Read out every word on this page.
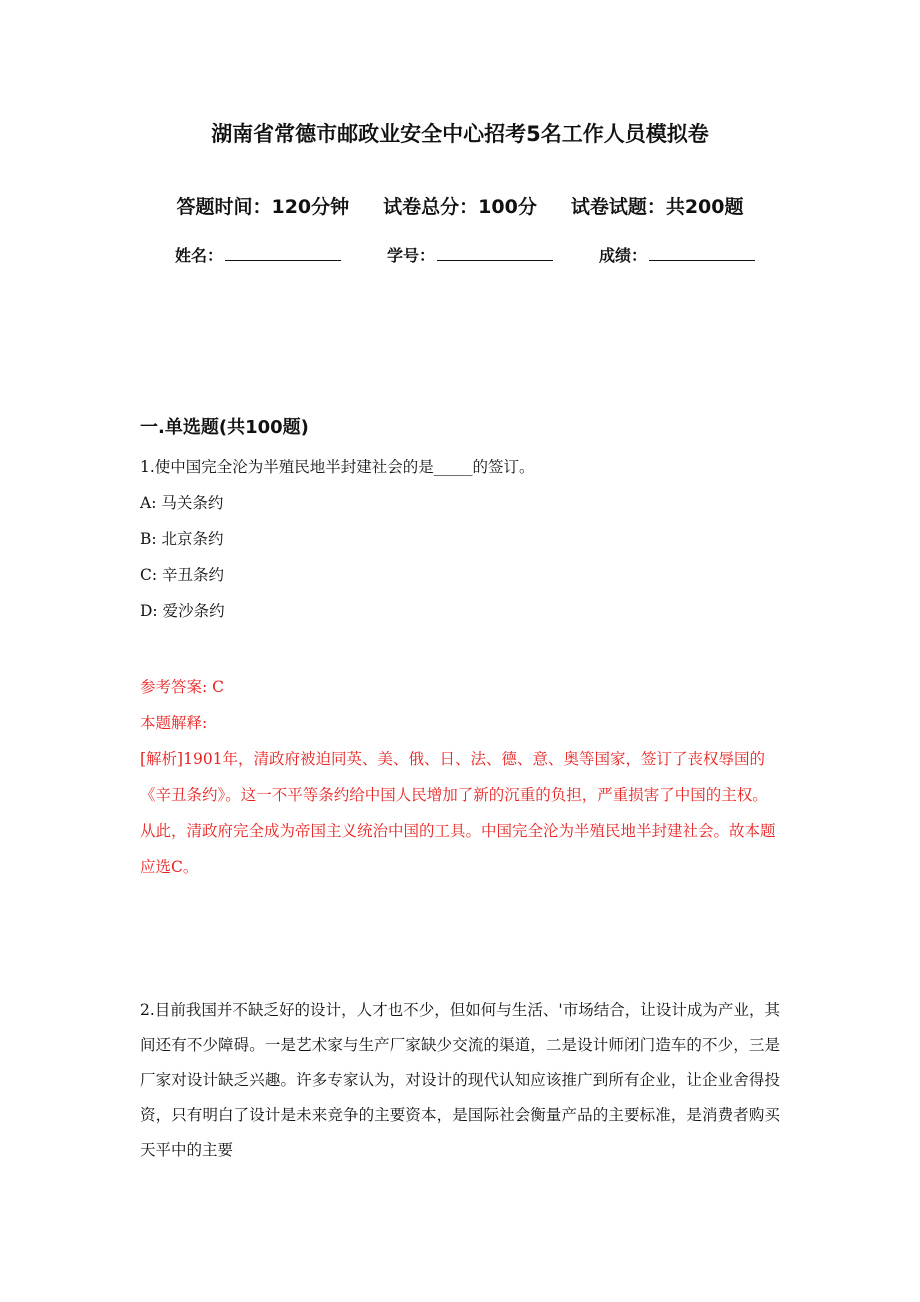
湖南省常德市邮政业安全中心招考5名工作人员模拟卷
答题时间：120分钟 试卷总分：100分 试卷试题：共200题
姓名：	学号：	成绩：
一.单选题(共100题)
1.使中国完全沦为半殖民地半封建社会的是_____的签订。
A: 马关条约
B: 北京条约
C: 辛丑条约
D: 爱沙条约
参考答案: C
本题解释:
[解析]1901年，清政府被迫同英、美、俄、日、法、德、意、奥等国家，签订了丧权辱国的《辛丑条约》。这一不平等条约给中国人民增加了新的沉重的负担，严重损害了中国的主权。从此，清政府完全成为帝国主义统治中国的工具。中国完全沦为半殖民地半封建社会。故本题应选C。
2.目前我国并不缺乏好的设计，人才也不少，但如何与生活、'市场结合，让设计成为产业，其间还有不少障碍。一是艺术家与生产厂家缺少交流的渠道，二是设计师闭门造车的不少，三是厂家对设计缺乏兴趣。许多专家认为，对设计的现代认知应该推广到所有企业，让企业舍得投资，只有明白了设计是未来竞争的主要资本，是国际社会衡量产品的主要标准，是消费者购买天平中的主要
